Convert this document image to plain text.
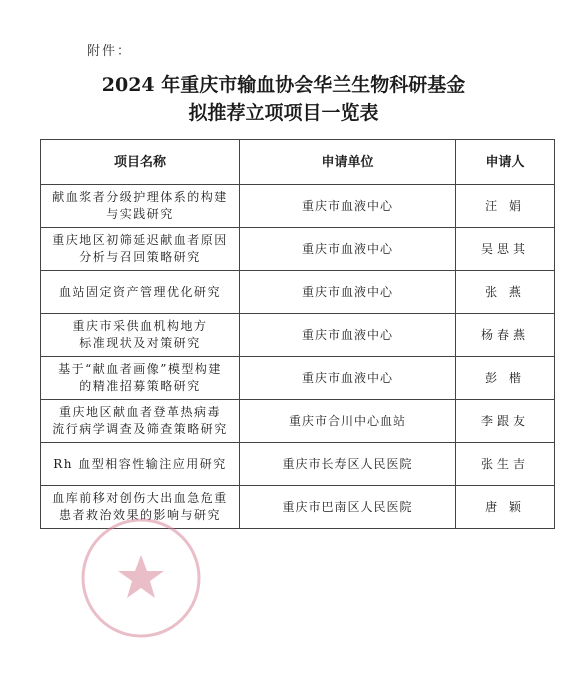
附件：
2024 年重庆市输血协会华兰生物科研基金
拟推荐立项项目一览表
项目名称	申请单位	申请人
献血浆者分级护理体系的构建
与实践研究	重庆市血液中心	汪 娟
重庆地区初筛延迟献血者原因
分析与召回策略研究	重庆市血液中心	吴思其
血站固定资产管理优化研究	重庆市血液中心	张 燕
重庆市采供血机构地方
标准现状及对策研究	重庆市血液中心	杨春燕
基于“献血者画像”模型构建
的精准招募策略研究	重庆市血液中心	彭 楷
重庆地区献血者登革热病毒
流行病学调查及筛查策略研究	重庆市合川中心血站	李跟友
Rh 血型相容性输注应用研究	重庆市长寿区人民医院	张生吉
血库前移对创伤大出血急危重
患者救治效果的影响与研究	重庆市巴南区人民医院	唐 颖
